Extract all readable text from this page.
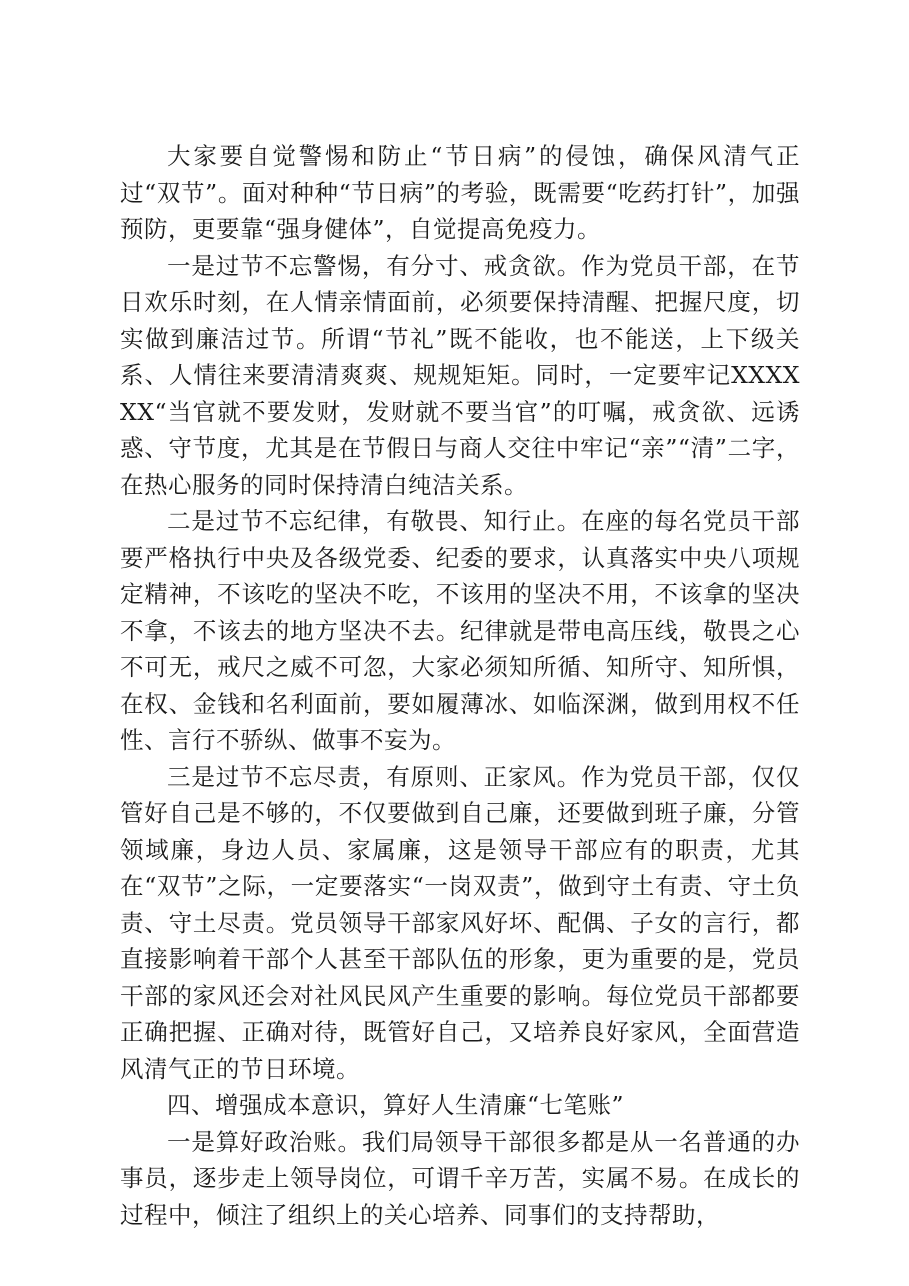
大家要自觉警惕和防止“节日病”的侵蚀，确保风清气正过“双节”。面对种种“节日病”的考验，既需要“吃药打针”，加强预防，更要靠“强身健体”，自觉提高免疫力。

一是过节不忘警惕，有分寸、戒贪欲。作为党员干部，在节日欢乐时刻，在人情亲情面前，必须要保持清醒、把握尺度，切实做到廉洁过节。所谓“节礼”既不能收，也不能送，上下级关系、人情往来要清清爽爽、规规矩矩。同时，一定要牢记XXXXXX“当官就不要发财，发财就不要当官”的叮嘱，戒贪欲、远诱惑、守节度，尤其是在节假日与商人交往中牢记“亲”“清”二字，在热心服务的同时保持清白纯洁关系。

二是过节不忘纪律，有敬畏、知行止。在座的每名党员干部要严格执行中央及各级党委、纪委的要求，认真落实中央八项规定精神，不该吃的坚决不吃，不该用的坚决不用，不该拿的坚决不拿，不该去的地方坚决不去。纪律就是带电高压线，敬畏之心不可无，戒尺之威不可忽，大家必须知所循、知所守、知所惧，在权、金钱和名利面前，要如履薄冰、如临深渊，做到用权不任性、言行不骄纵、做事不妄为。

三是过节不忘尽责，有原则、正家风。作为党员干部，仅仅管好自己是不够的，不仅要做到自己廉，还要做到班子廉，分管领域廉，身边人员、家属廉，这是领导干部应有的职责，尤其在“双节”之际，一定要落实“一岗双责”，做到守土有责、守土负责、守土尽责。党员领导干部家风好坏、配偶、子女的言行，都直接影响着干部个人甚至干部队伍的形象，更为重要的是，党员干部的家风还会对社风民风产生重要的影响。每位党员干部都要正确把握、正确对待，既管好自己，又培养良好家风，全面营造风清气正的节日环境。

四、增强成本意识，算好人生清廉“七笔账”

一是算好政治账。我们局领导干部很多都是从一名普通的办事员，逐步走上领导岗位，可谓千辛万苦，实属不易。在成长的过程中，倾注了组织上的关心培养、同事们的支持帮助，
